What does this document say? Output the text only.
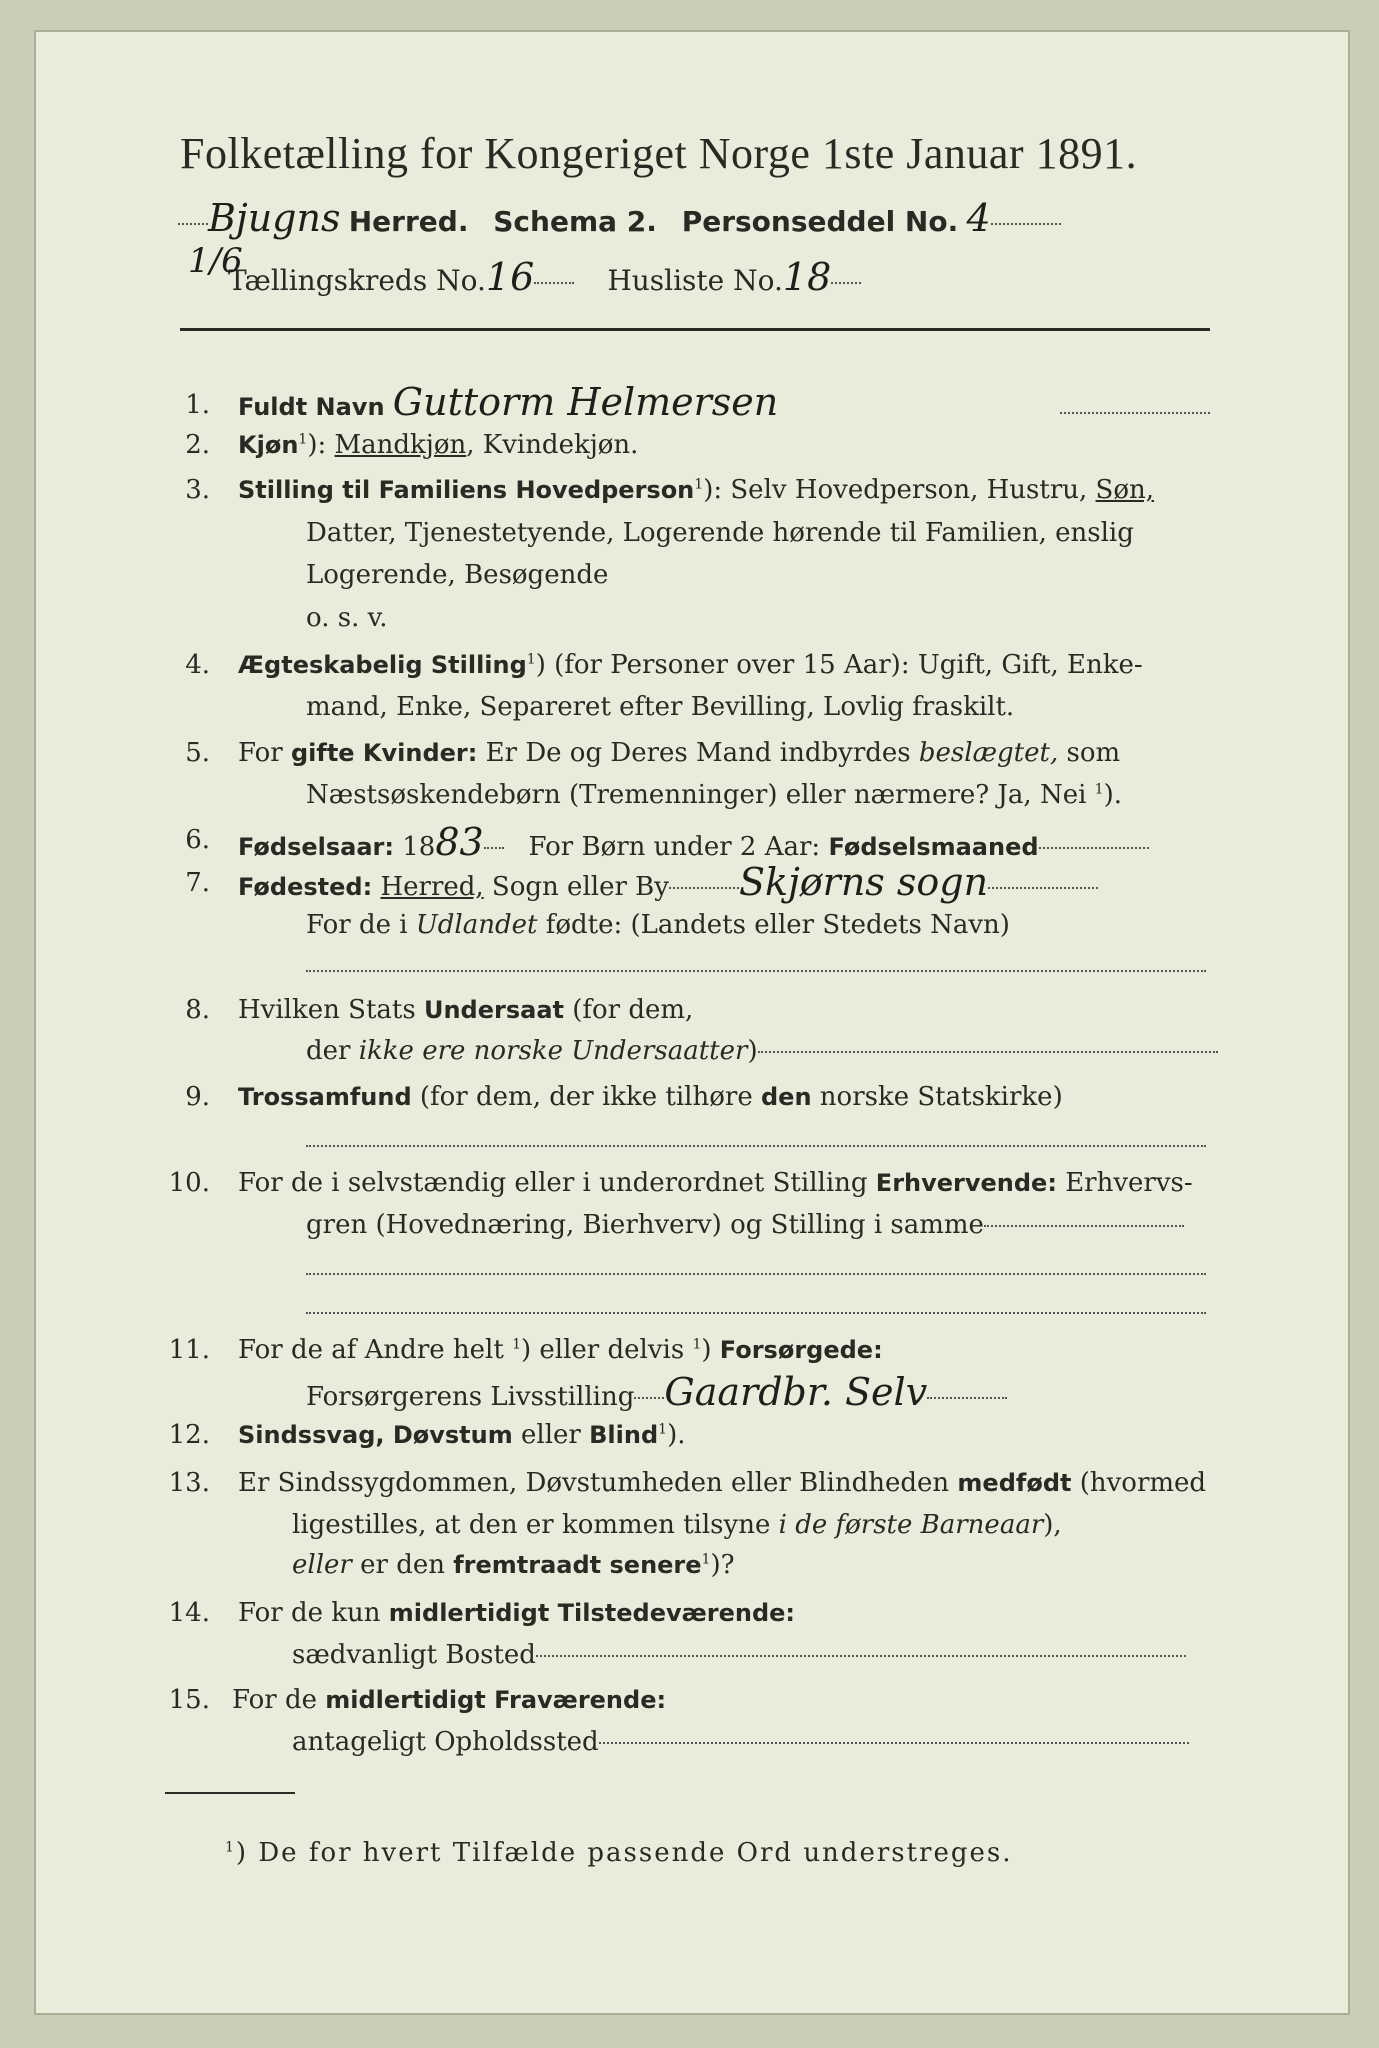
Folketælling for Kongeriget Norge 1ste Januar 1891.
Bjugns Herred. Schema 2. Personseddel No. 4
1/6
Tællingskreds No.16	Husliste No.18
1. Fuldt Navn Guttorm Helmersen
2. Kjøn$^1$): Mandkjøn, Kvindekjøn.
3. Stilling til Familiens Hovedperson$^1$): Selv Hovedperson, Hustru, Søn,
Datter, Tjenestetyende, Logerende hørende til Familien, enslig
Logerende, Besøgende
o. s. v.
4. Ægteskabelig Stilling$^1$) (for Personer over 15 Aar): Ugift, Gift, Enke-
mand, Enke, Separeret efter Bevilling, Lovlig fraskilt.
5. For gifte Kvinder: Er De og Deres Mand indbyrdes beslægtet, som
Næstsøskendebørn (Tremenninger) eller nærmere? Ja, Nei $^1$).
6. Fødselsaar: 1883 For Børn under 2 Aar: Fødselsmaaned
7. Fødested: Herred, Sogn eller By Skjørns sogn
For de i Udlandet fødte: (Landets eller Stedets Navn)
8. Hvilken Stats Undersaat (for dem,
der ikke ere norske Undersaatter)
9. Trossamfund (for dem, der ikke tilhøre den norske Statskirke)
10. For de i selvstændig eller i underordnet Stilling Erhvervende: Erhvervs-
gren (Hovednæring, Bierhverv) og Stilling i samme
11. For de af Andre helt $^1$) eller delvis $^1$) Forsørgede:
Forsørgerens Livsstilling Gaardbr. Selv
12. Sindssvag, Døvstum eller Blind$^1$).
13. Er Sindssygdommen, Døvstumheden eller Blindheden medfødt (hvormed
ligestilles, at den er kommen tilsyne i de første Barneaar),
eller er den fremtraadt senere$^1$)?
14. For de kun midlertidigt Tilstedeværende:
sædvanligt Bosted
15. For de midlertidigt Fraværende:
antageligt Opholdssted
$^1$) De for hvert Tilfælde passende Ord understreges.
